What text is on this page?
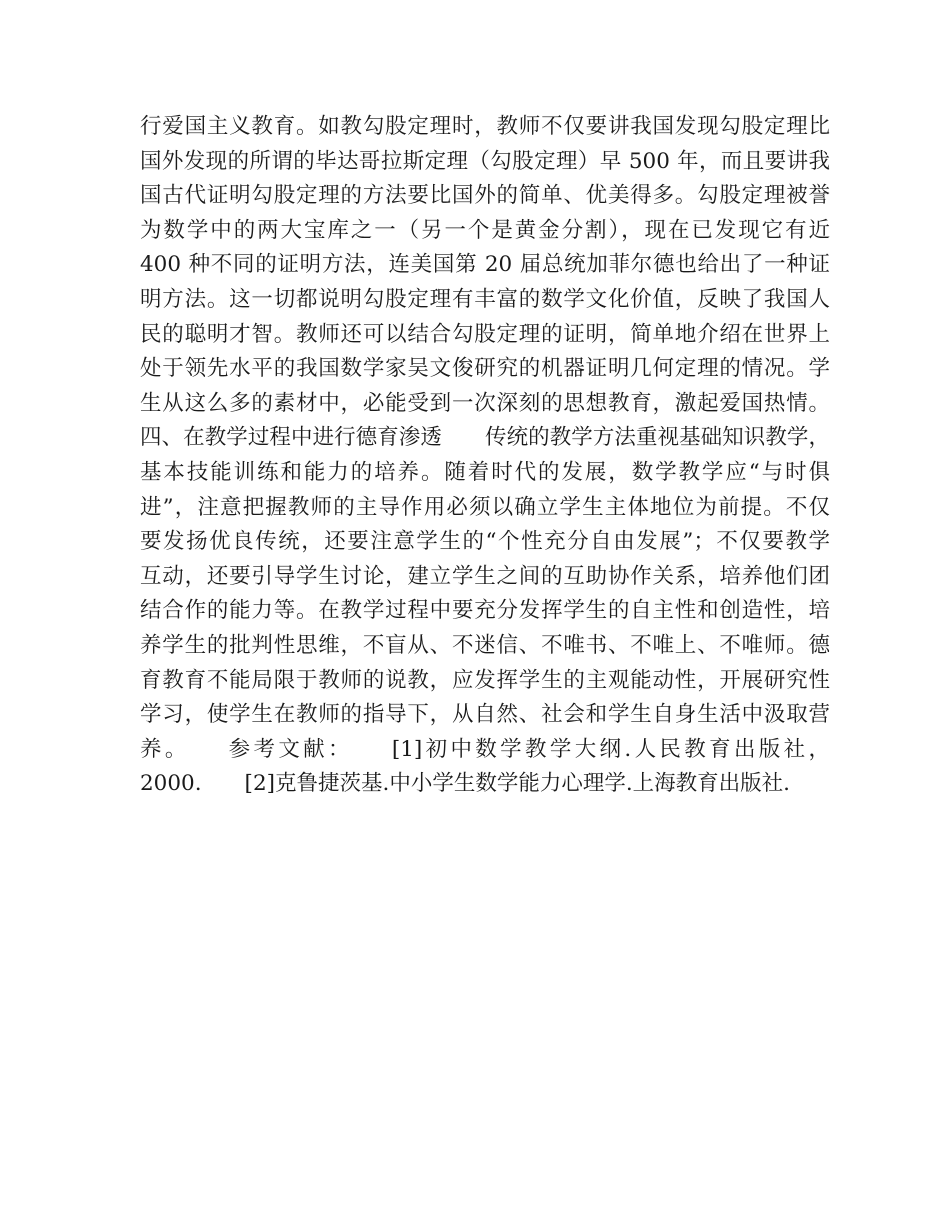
行爱国主义教育。如教勾股定理时，教师不仅要讲我国发现勾股定理比
国外发现的所谓的毕达哥拉斯定理（勾股定理）早 500 年，而且要讲我
国古代证明勾股定理的方法要比国外的简单、优美得多。勾股定理被誉
为数学中的两大宝库之一（另一个是黄金分割），现在已发现它有近
400 种不同的证明方法，连美国第 20 届总统加菲尔德也给出了一种证
明方法。这一切都说明勾股定理有丰富的数学文化价值，反映了我国人
民的聪明才智。教师还可以结合勾股定理的证明，简单地介绍在世界上
处于领先水平的我国数学家吴文俊研究的机器证明几何定理的情况。学
生从这么多的素材中，必能受到一次深刻的思想教育，激起爱国热情。
四、在教学过程中进行德育渗透　　传统的教学方法重视基础知识教学，
基本技能训练和能力的培养。随着时代的发展，数学教学应“与时俱
进”，注意把握教师的主导作用必须以确立学生主体地位为前提。不仅
要发扬优良传统，还要注意学生的“个性充分自由发展”；不仅要教学
互动，还要引导学生讨论，建立学生之间的互助协作关系，培养他们团
结合作的能力等。在教学过程中要充分发挥学生的自主性和创造性，培
养学生的批判性思维，不盲从、不迷信、不唯书、不唯上、不唯师。德
育教育不能局限于教师的说教，应发挥学生的主观能动性，开展研究性
学习，使学生在教师的指导下，从自然、社会和学生自身生活中汲取营
养。　　参考文献：　　[1]初中数学教学大纲.人民教育出版社，
2000.　　[2]克鲁捷茨基.中小学生数学能力心理学.上海教育出版社.
